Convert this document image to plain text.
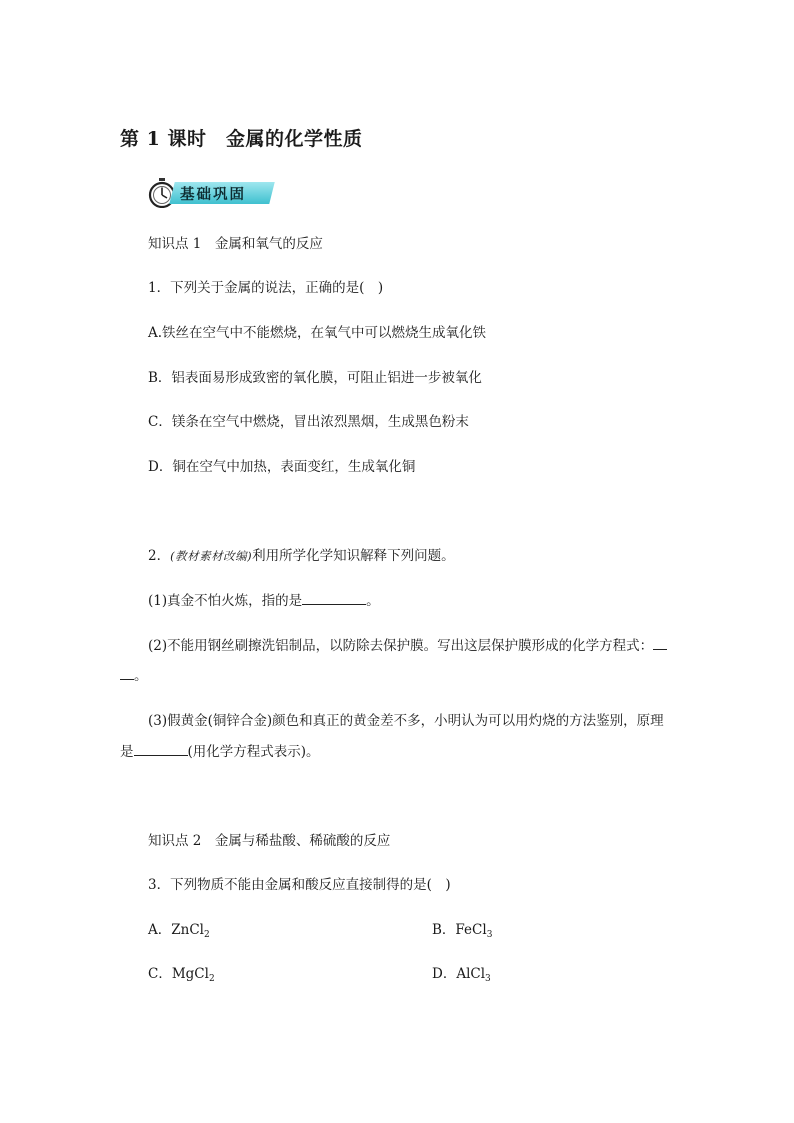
第 1 课时　金属的化学性质
基础巩固
知识点 1　金属和氧气的反应
1．下列关于金属的说法，正确的是(　)
A.铁丝在空气中不能燃烧，在氧气中可以燃烧生成氧化铁
B．铝表面易形成致密的氧化膜，可阻止铝进一步被氧化
C．镁条在空气中燃烧，冒出浓烈黑烟，生成黑色粉末
D．铜在空气中加热，表面变红，生成氧化铜
2．(教材素材改编)利用所学化学知识解释下列问题。
(1)真金不怕火炼，指的是	。
(2)不能用钢丝刷擦洗铝制品，以防除去保护膜。写出这层保护膜形成的化学方程式：
。
(3)假黄金(铜锌合金)颜色和真正的黄金差不多，小明认为可以用灼烧的方法鉴别，原理
是	(用化学方程式表示)。
知识点 2　金属与稀盐酸、稀硫酸的反应
3．下列物质不能由金属和酸反应直接制得的是(　)
A．ZnCl$_2$	B．FeCl$_3$
C．MgCl$_2$	D．AlCl$_3$
